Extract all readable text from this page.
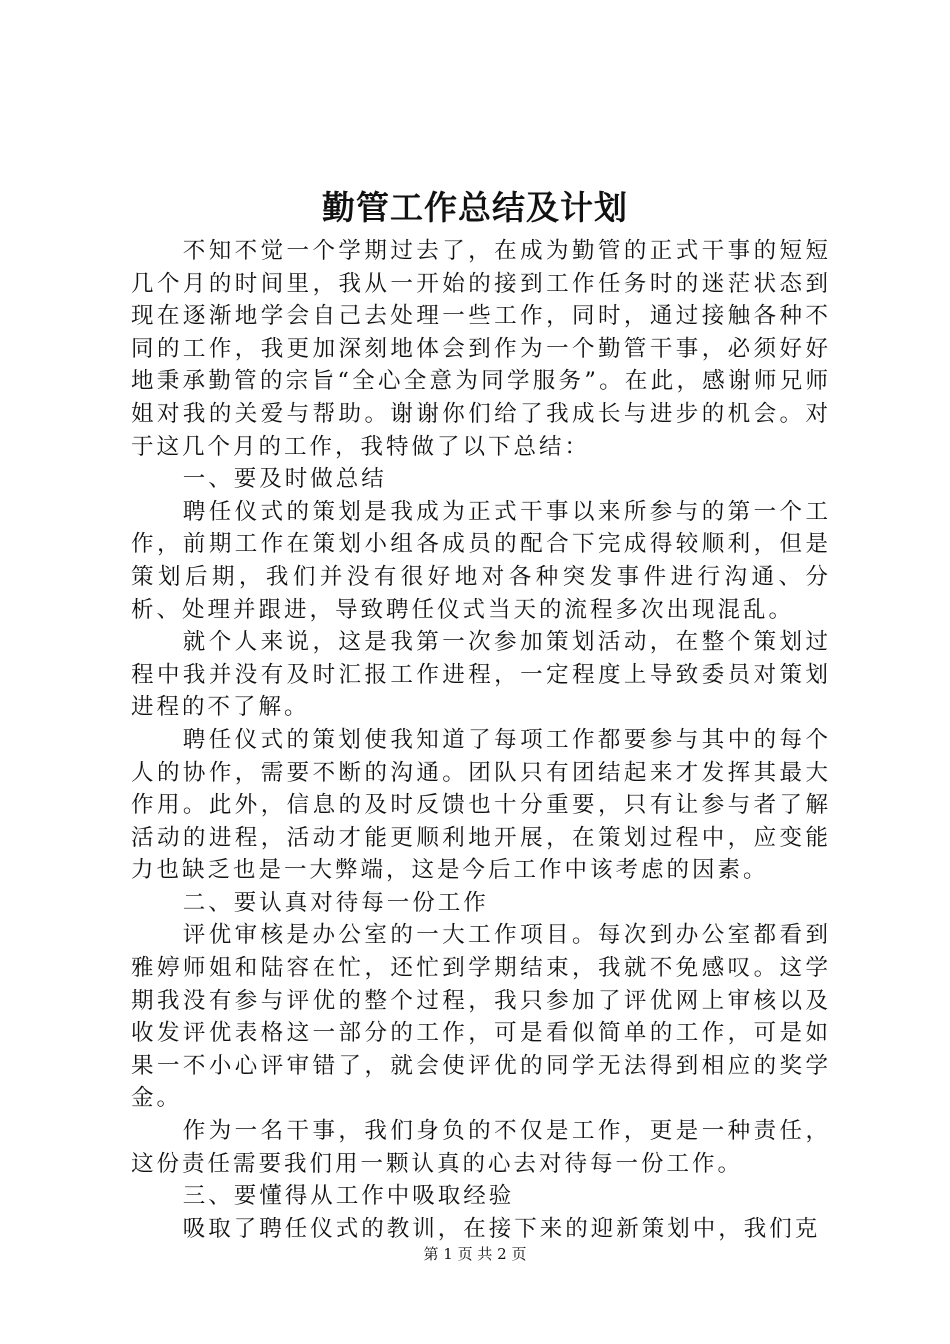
勤管工作总结及计划

不知不觉一个学期过去了，在成为勤管的正式干事的短短几个月的时间里，我从一开始的接到工作任务时的迷茫状态到现在逐渐地学会自己去处理一些工作，同时，通过接触各种不同的工作，我更加深刻地体会到作为一个勤管干事，必须好好地秉承勤管的宗旨“全心全意为同学服务”。在此，感谢师兄师姐对我的关爱与帮助。谢谢你们给了我成长与进步的机会。对于这几个月的工作，我特做了以下总结：

一、要及时做总结

聘任仪式的策划是我成为正式干事以来所参与的第一个工作，前期工作在策划小组各成员的配合下完成得较顺利，但是策划后期，我们并没有很好地对各种突发事件进行沟通、分析、处理并跟进，导致聘任仪式当天的流程多次出现混乱。

就个人来说，这是我第一次参加策划活动，在整个策划过程中我并没有及时汇报工作进程，一定程度上导致委员对策划进程的不了解。

聘任仪式的策划使我知道了每项工作都要参与其中的每个人的协作，需要不断的沟通。团队只有团结起来才发挥其最大作用。此外，信息的及时反馈也十分重要，只有让参与者了解活动的进程，活动才能更顺利地开展，在策划过程中，应变能力也缺乏也是一大弊端，这是今后工作中该考虑的因素。

二、要认真对待每一份工作

评优审核是办公室的一大工作项目。每次到办公室都看到雅婷师姐和陆容在忙，还忙到学期结束，我就不免感叹。这学期我没有参与评优的整个过程，我只参加了评优网上审核以及收发评优表格这一部分的工作，可是看似简单的工作，可是如果一不小心评审错了，就会使评优的同学无法得到相应的奖学金。

作为一名干事，我们身负的不仅是工作，更是一种责任，这份责任需要我们用一颗认真的心去对待每一份工作。

三、要懂得从工作中吸取经验

吸取了聘任仪式的教训，在接下来的迎新策划中，我们克

第 1 页 共 2 页
